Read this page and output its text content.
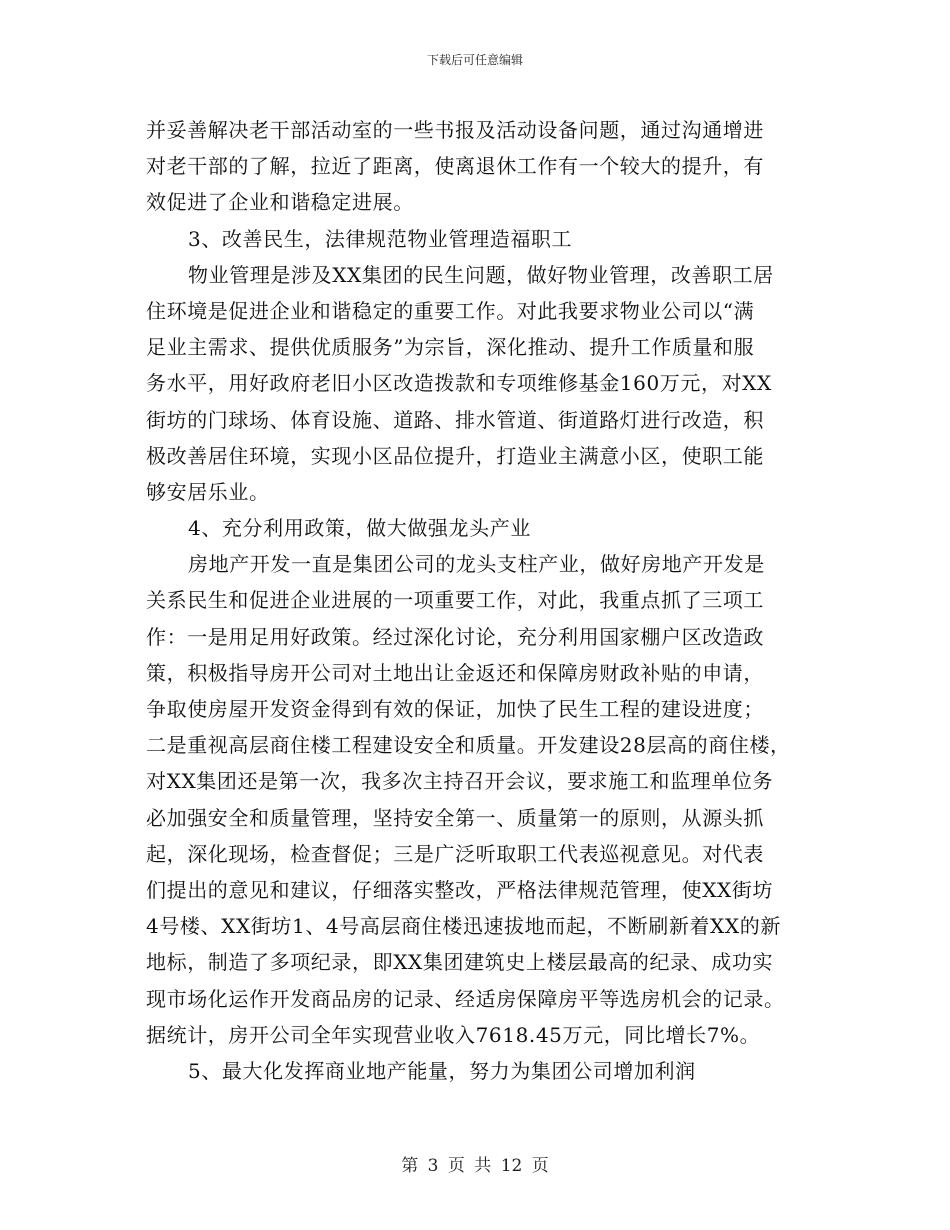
下载后可任意编辑
并妥善解决老干部活动室的一些书报及活动设备问题，通过沟通增进
对老干部的了解，拉近了距离，使离退休工作有一个较大的提升，有
效促进了企业和谐稳定进展。
3、改善民生，法律规范物业管理造福职工
物业管理是涉及XX集团的民生问题，做好物业管理，改善职工居
住环境是促进企业和谐稳定的重要工作。对此我要求物业公司以“满
足业主需求、提供优质服务”为宗旨，深化推动、提升工作质量和服
务水平，用好政府老旧小区改造拨款和专项维修基金160万元，对XX
街坊的门球场、体育设施、道路、排水管道、街道路灯进行改造，积
极改善居住环境，实现小区品位提升，打造业主满意小区，使职工能
够安居乐业。
4、充分利用政策，做大做强龙头产业
房地产开发一直是集团公司的龙头支柱产业，做好房地产开发是
关系民生和促进企业进展的一项重要工作，对此，我重点抓了三项工
作：一是用足用好政策。经过深化讨论，充分利用国家棚户区改造政
策，积极指导房开公司对土地出让金返还和保障房财政补贴的申请，
争取使房屋开发资金得到有效的保证，加快了民生工程的建设进度；
二是重视高层商住楼工程建设安全和质量。开发建设28层高的商住楼，
对XX集团还是第一次，我多次主持召开会议，要求施工和监理单位务
必加强安全和质量管理，坚持安全第一、质量第一的原则，从源头抓
起，深化现场，检查督促；三是广泛听取职工代表巡视意见。对代表
们提出的意见和建议，仔细落实整改，严格法律规范管理，使XX街坊
4号楼、XX街坊1、4号高层商住楼迅速拔地而起，不断刷新着XX的新
地标，制造了多项纪录，即XX集团建筑史上楼层最高的纪录、成功实
现市场化运作开发商品房的记录、经适房保障房平等选房机会的记录。
据统计，房开公司全年实现营业收入7618.45万元，同比增长7%。
5、最大化发挥商业地产能量，努力为集团公司增加利润
第 3 页 共 12 页
